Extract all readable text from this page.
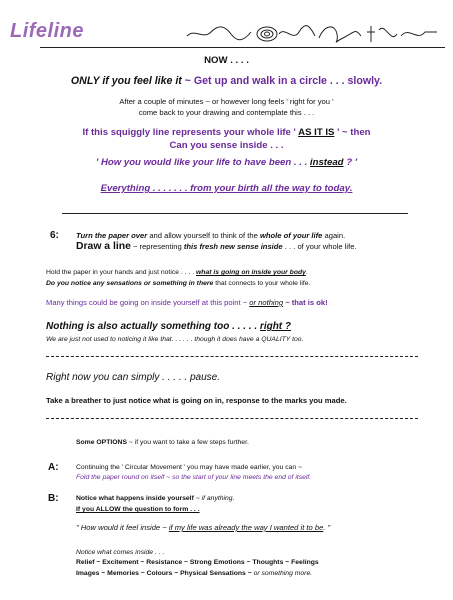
Lifeline
NOW . . . .
ONLY if you feel like it ~ Get up and walk in a circle . . . slowly.
After a couple of minutes ~ or however long feels ' right for you '
come back to your drawing and contemplate this . . .
If this squiggly line represents your whole life ' AS IT IS ' ~ then
Can you sense inside . . .
' How you would like your life to have been . . . instead ? '
Everything . . . . . . . from your birth all the way to today.
6: Turn the paper over and allow yourself to think of the whole of your life again.
Draw a line ~ representing this fresh new sense inside . . . of your whole life.
Hold the paper in your hands and just notice . . . . what is going on inside your body.
Do you notice any sensations or something in there that connects to your whole life.
Many things could be going on inside yourself at this point ~ or nothing ~ that is ok!
Nothing is also actually something too . . . . . right ?
We are just not used to noticing it like that. . . . . . though it does have a QUALITY too.
Right now you can simply . . . . . pause.
Take a breather to just notice what is going on in, response to the marks you made.
Some OPTIONS ~ if you want to take a few steps further.
A:	Continuing the ' Circular Movement ' you may have made earlier, you can ~
Fold the paper round on itself ~ so the start of your line meets the end of itself.
B:	Notice what happens inside yourself ~ if anything.
If you ALLOW the question to form . . .
" How would it feel inside ~ if my life was already the way I wanted it to be. "
Notice what comes inside . . .
Relief ~ Excitement ~ Resistance ~ Strong Emotions ~ Thoughts ~ Feelings
Images ~ Memories ~ Colours ~ Physical Sensations ~ or something more.
